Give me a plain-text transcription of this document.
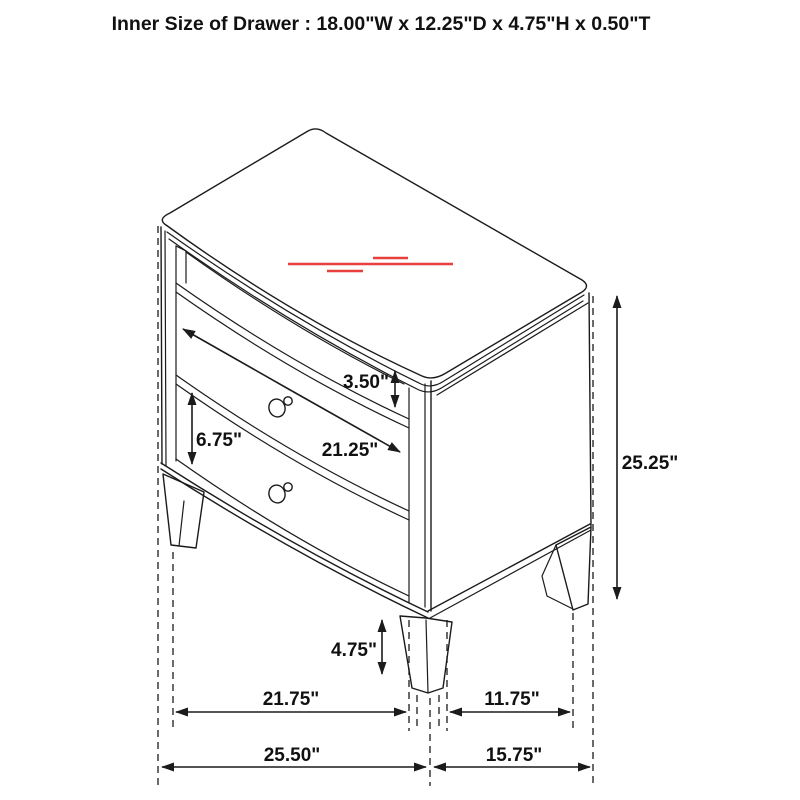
Inner Size of Drawer : 18.00"W x 12.25"D x 4.75"H x 0.50"T
3.50"
6.75"	21.25"
25.25"
4.75"
21.75"	11.75"
25.50"	15.75"
